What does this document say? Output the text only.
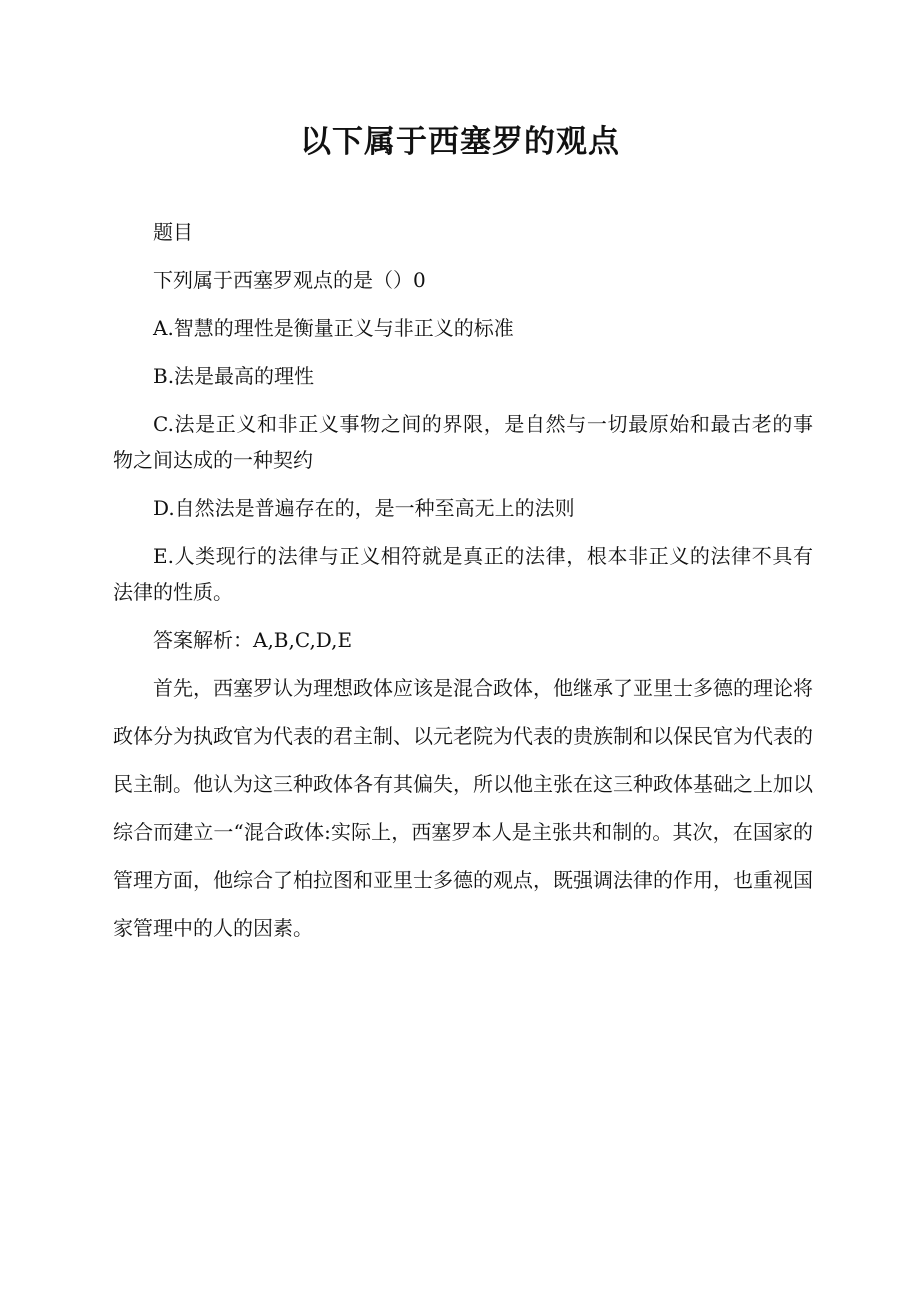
以下属于西塞罗的观点

题目

下列属于西塞罗观点的是（）0

A.智慧的理性是衡量正义与非正义的标准

B.法是最高的理性

C.法是正义和非正义事物之间的界限，是自然与一切最原始和最古老的事物之间达成的一种契约

D.自然法是普遍存在的，是一种至高无上的法则

E.人类现行的法律与正义相符就是真正的法律，根本非正义的法律不具有法律的性质。

答案解析：A,B,C,D,E

首先，西塞罗认为理想政体应该是混合政体，他继承了亚里士多德的理论将政体分为执政官为代表的君主制、以元老院为代表的贵族制和以保民官为代表的民主制。他认为这三种政体各有其偏失，所以他主张在这三种政体基础之上加以综合而建立一“混合政体:实际上，西塞罗本人是主张共和制的。其次，在国家的管理方面，他综合了柏拉图和亚里士多德的观点，既强调法律的作用，也重视国家管理中的人的因素。
